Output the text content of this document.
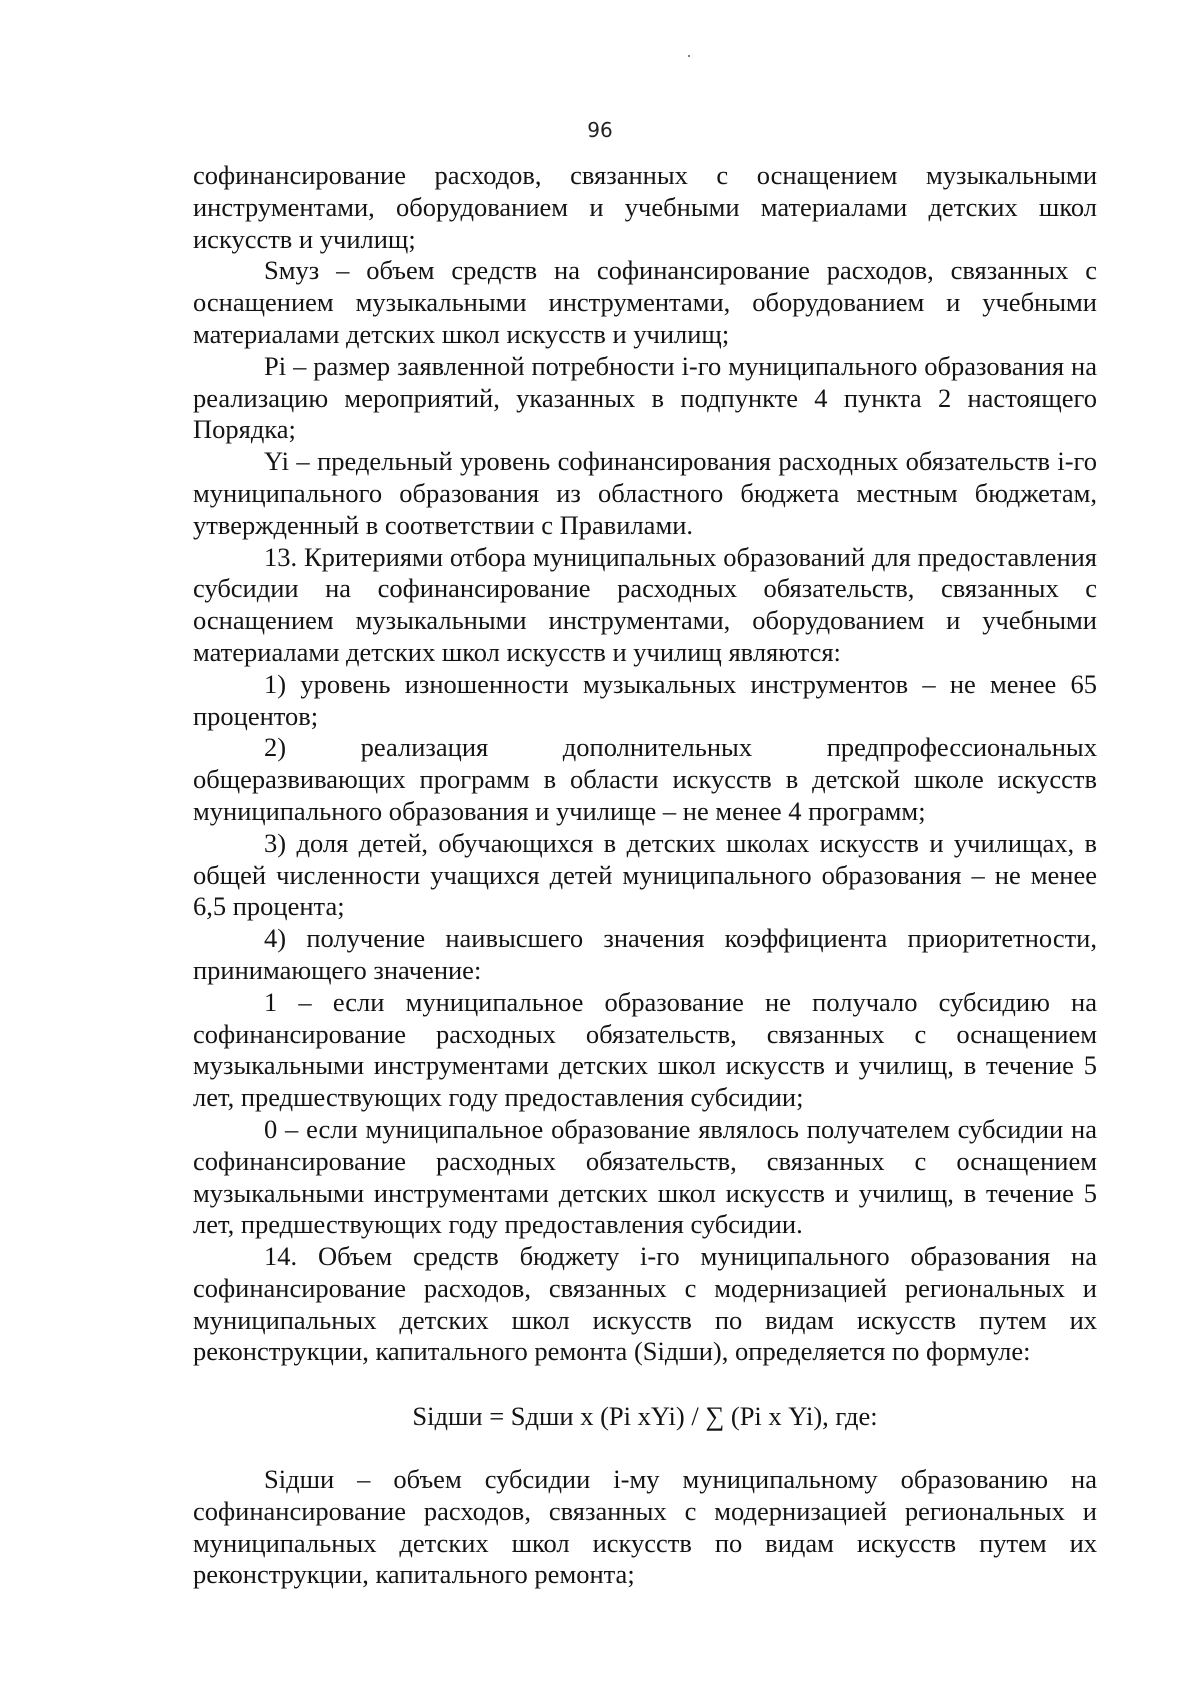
96

софинансирование расходов, связанных с оснащением музыкальными инструментами, оборудованием и учебными материалами детских школ искусств и училищ;

Sмуз – объем средств на софинансирование расходов, связанных с оснащением музыкальными инструментами, оборудованием и учебными материалами детских школ искусств и училищ;

Pi – размер заявленной потребности i-го муниципального образования на реализацию мероприятий, указанных в подпункте 4 пункта 2 настоящего Порядка;

Yi – предельный уровень софинансирования расходных обязательств i-го муниципального образования из областного бюджета местным бюджетам, утвержденный в соответствии с Правилами.

13. Критериями отбора муниципальных образований для предоставления субсидии на софинансирование расходных обязательств, связанных с оснащением музыкальными инструментами, оборудованием и учебными материалами детских школ искусств и училищ являются:

1) уровень изношенности музыкальных инструментов – не менее 65 процентов;

2) реализация дополнительных предпрофессиональных общеразвивающих программ в области искусств в детской школе искусств муниципального образования и училище – не менее 4 программ;

3) доля детей, обучающихся в детских школах искусств и училищах, в общей численности учащихся детей муниципального образования – не менее 6,5 процента;

4) получение наивысшего значения коэффициента приоритетности, принимающего значение:

1 – если муниципальное образование не получало субсидию на софинансирование расходных обязательств, связанных с оснащением музыкальными инструментами детских школ искусств и училищ, в течение 5 лет, предшествующих году предоставления субсидии;

0 – если муниципальное образование являлось получателем субсидии на софинансирование расходных обязательств, связанных с оснащением музыкальными инструментами детских школ искусств и училищ, в течение 5 лет, предшествующих году предоставления субсидии.

14. Объем средств бюджету i-го муниципального образования на софинансирование расходов, связанных с модернизацией региональных и муниципальных детских школ искусств по видам искусств путем их реконструкции, капитального ремонта (Siдши), определяется по формуле:

Siдши = Sдши х (Pi хYi) / ∑ (Pi х Yi), где:

Siдши – объем субсидии i-му муниципальному образованию на софинансирование расходов, связанных с модернизацией региональных и муниципальных детских школ искусств по видам искусств путем их реконструкции, капитального ремонта;
